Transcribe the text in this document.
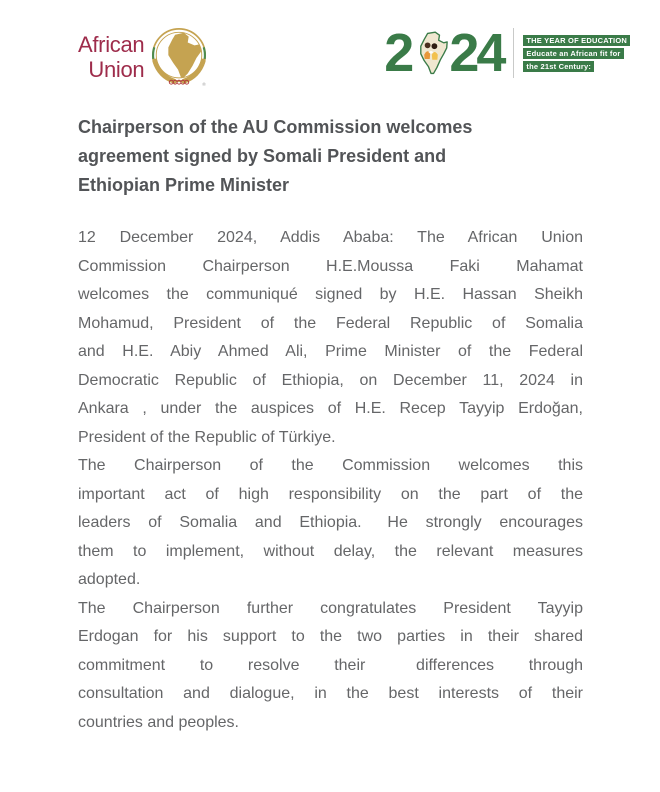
African
Union
®
2 24	THE YEAR OF EDUCATION
Educate an African fit for
the 21st Century:
Chairperson of the AU Commission welcomes
agreement signed by Somali President and
Ethiopian Prime Minister
12 December 2024, Addis Ababa: The African Union
Commission Chairperson H.E.Moussa Faki Mahamat
welcomes the communiqué signed by H.E. Hassan Sheikh
Mohamud, President of the Federal Republic of Somalia
and H.E. Abiy Ahmed Ali, Prime Minister of the Federal
Democratic Republic of Ethiopia, on December 11, 2024 in
Ankara , under the auspices of H.E. Recep Tayyip Erdoğan,
President of the Republic of Türkiye.
The Chairperson of the Commission welcomes this
important act of high responsibility on the part of the
leaders of Somalia and Ethiopia.  He strongly encourages
them to implement, without delay, the relevant measures
adopted.
The Chairperson further congratulates President Tayyip
Erdogan for his support to the two parties in their shared
commitment to resolve their  differences through
consultation and dialogue, in the best interests of their
countries and peoples.
